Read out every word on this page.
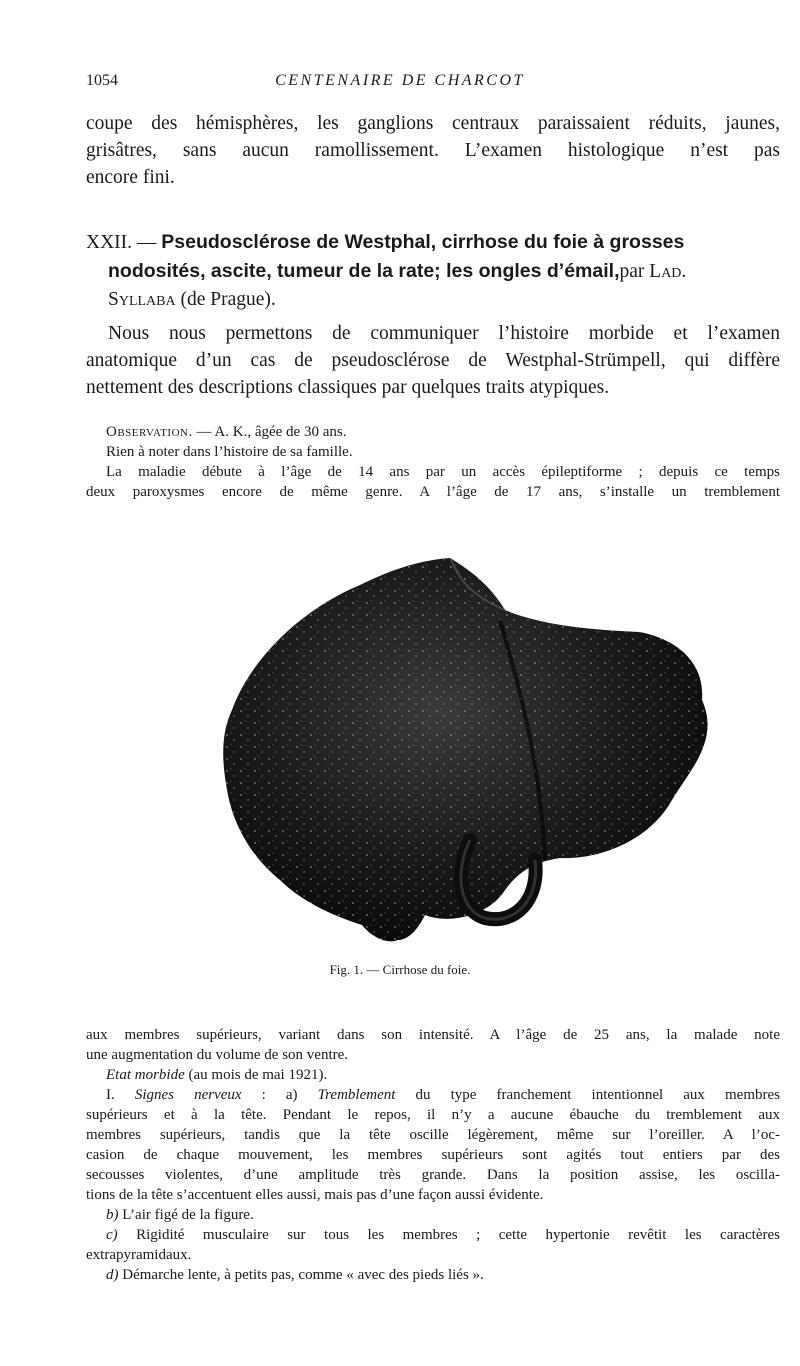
1054	CENTENAIRE DE CHARCOT
coupe des hémisphères, les ganglions centraux paraissaient réduits, jaunes,
grisâtres, sans aucun ramollissement. L’examen histologique n’est pas
encore fini.
XXII. — Pseudosclérose de Westphal, cirrhose du foie à grosses
nodosités, ascite, tumeur de la rate; les ongles d’émail,par Lad.
Syllaba (de Prague).
Nous nous permettons de communiquer l’histoire morbide et l’examen
anatomique d’un cas de pseudosclérose de Westphal-Strümpell, qui diffère
nettement des descriptions classiques par quelques traits atypiques.
Observation. — A. K., âgée de 30 ans.
Rien à noter dans l’histoire de sa famille.
La maladie débute à l’âge de 14 ans par un accès épileptiforme ; depuis ce temps
deux paroxysmes encore de même genre. A l’âge de 17 ans, s’installe un tremblement
Fig. 1. — Cirrhose du foie.
aux membres supérieurs, variant dans son intensité. A l’âge de 25 ans, la malade note
une augmentation du volume de son ventre.
Etat morbide (au mois de mai 1921).
I. Signes nerveux : a) Tremblement du type franchement intentionnel aux membres
supérieurs et à la tête. Pendant le repos, il n’y a aucune ébauche du tremblement aux
membres supérieurs, tandis que la tête oscille légèrement, même sur l’oreiller. A l’oc-
casion de chaque mouvement, les membres supérieurs sont agités tout entiers par des
secousses violentes, d’une amplitude très grande. Dans la position assise, les oscilla-
tions de la tête s’accentuent elles aussi, mais pas d’une façon aussi évidente.
b) L’air figé de la figure.
c) Rigidité musculaire sur tous les membres ; cette hypertonie revêtit les caractères
extrapyramidaux.
d) Démarche lente, à petits pas, comme « avec des pieds liés ».
